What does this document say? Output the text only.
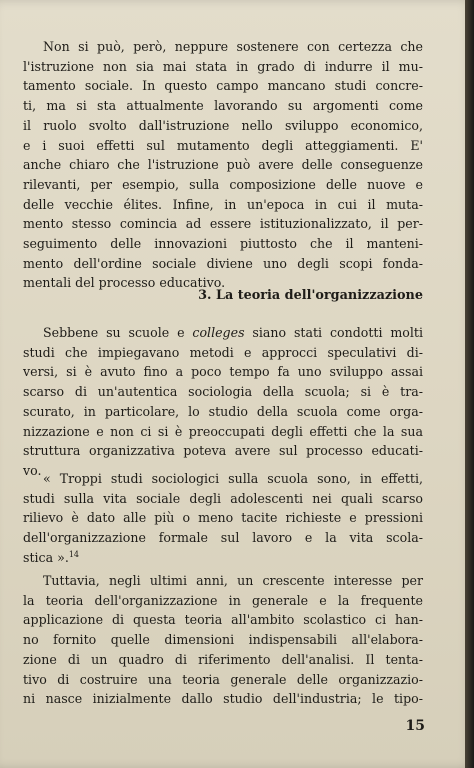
Non si può, però, neppure sostenere con certezza che
l'istruzione non sia mai stata in grado di indurre il mu-
tamento sociale. In questo campo mancano studi concre-
ti, ma si sta attualmente lavorando su argomenti come
il ruolo svolto dall'istruzione nello sviluppo economico,
e i suoi effetti sul mutamento degli atteggiamenti. E'
anche chiaro che l'istruzione può avere delle conseguenze
rilevanti, per esempio, sulla composizione delle nuove e
delle vecchie élites. Infine, in un'epoca in cui il muta-
mento stesso comincia ad essere istituzionalizzato, il per-
seguimento delle innovazioni piuttosto che il manteni-
mento dell'ordine sociale diviene uno degli scopi fonda-
mentali del processo educativo.

3. La teoria dell'organizzazione

Sebbene su scuole e colleges siano stati condotti molti
studi che impiegavano metodi e approcci speculativi di-
versi, si è avuto fino a poco tempo fa uno sviluppo assai
scarso di un'autentica sociologia della scuola; si è tra-
scurato, in particolare, lo studio della scuola come orga-
nizzazione e non ci si è preoccupati degli effetti che la sua
struttura organizzativa poteva avere sul processo educati-
vo.
« Troppi studi sociologici sulla scuola sono, in effetti,
studi sulla vita sociale degli adolescenti nei quali scarso
rilievo è dato alle più o meno tacite richieste e pressioni
dell'organizzazione formale sul lavoro e la vita scola-
stica ».$^{14}$
Tuttavia, negli ultimi anni, un crescente interesse per
la teoria dell'organizzazione in generale e la frequente
applicazione di questa teoria all'ambito scolastico ci han-
no fornito quelle dimensioni indispensabili all'elabora-
zione di un quadro di riferimento dell'analisi. Il tenta-
tivo di costruire una teoria generale delle organizzazio-
ni nasce inizialmente dallo studio dell'industria; le tipo-

15
